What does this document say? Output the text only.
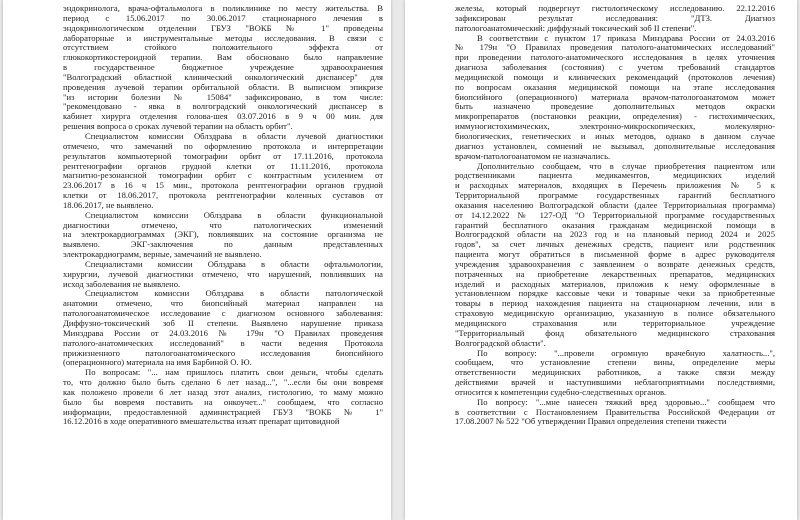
эндокринолога, врача-офтальмолога в поликлинике по месту жительства. В
период с 15.06.2017 по 30.06.2017 стационарного лечения в
эндокринологическом отделении ГБУЗ "ВОКБ № 1" проведены
лабораторные и инструментальные методы исследования. В связи с
отсутствием стойкого положительного эффекта от
глюкокортикостероидной терапии. Вам обосновано было направление
в государственное бюджетное учреждение здравоохранения
"Волгоградский областной клинический онкологический диспансер" для
проведения лучевой терапии орбитальной области. В выписном эпикризе
"из истории болезни № 15084" зафиксировано, в том числе:
"рекомендовано - явка в волгоградский онкологический диспансер в
кабинет хирурга отделения голова-шея 03.07.2016 в 9 ч 00 мин. для
решения вопроса о сроках лучевой терапии на область орбит".
Специалистом комиссии Облздрава в области лучевой диагностики
отмечено, что замечаний по оформлению протокола и интерпретации
результатов компьютерной томографии орбит от 17.11.2016, протокола
рентгенографии органов грудной клетки от 11.11.2016, протокола
магнитно-резонансной томографии орбит с контрастным усилением от
23.06.2017 в 16 ч 15 мин., протокола рентгенографии органов грудной
клетки от 18.06.2017, протокола рентгенографии коленных суставов от
18.06.2017, не выявлено.
Специалистом комиссии Облздрава в области функциональной
диагностики отмечено, что патологических изменений
на электрокардиограммах (ЭКГ), повлиявших на состояние организма не
выявлено. ЭКГ-заключения по данным представленных
электрокардиограмм, верные, замечаний не выявлено.
Специалистами комиссии Облздрава в области офтальмологии,
хирургии, лучевой диагностики отмечено, что нарушений, повлиявших на
исход заболевания не выявлено.
Специалистом комиссии Облздрава в области патологической
анатомии отмечено, что биопсийный материал направлен на
патологоанатомическое исследование с диагнозом основного заболевания:
Диффузно-токсический зоб II степени. Выявлено нарушение приказа
Минздрава России от 24.03.2016 № 179н "О Правилах проведения
патолого-анатомических исследований" в части ведения Протокола
прижизненного патологоанатомического исследования биопсийного
(операционного) материала на имя Барбиной О. Ю.
По вопросам: "... нам пришлось платить свои деньги, чтобы сделать
то, что должно было быть сделано 6 лет назад...", "...если бы они вовремя
как положено провели 6 лет назад этот анализ, гистологию, то маму можно
было бы вовремя поставить на онкоучет..." сообщаем, что согласно
информации, предоставленной администрацией ГБУЗ "ВОКБ № 1"
16.12.2016 в ходе оперативного вмешательства изъят препарат щитовидной
железы, который подвергнут гистологическому исследованию. 22.12.2016
зафиксирован результат исследования: "ДТЗ. Диагноз
патологоанатомический: диффузный токсический зоб II степени".
В соответствии с пунктом 17 приказа Минздрава России от 24.03.2016
№ 179н "О Правилах проведения патолого-анатомических исследований"
при проведении патолого-анатомического исследования в целях уточнения
диагноза заболевания (состояния) с учетом требований стандартов
медицинской помощи и клинических рекомендаций (протоколов лечения)
по вопросам оказания медицинской помощи на этапе исследования
биопсийного (операционного) материала врачом-патологоанатомом может
быть назначено проведение дополнительных методов окраски
микропрепаратов (постановки реакции, определения) - гистохимических,
иммуногистохимических, электронно-микроскопических, молекулярно-
биологических, генетических и иных методов, однако в данном случае
диагноз установлен, сомнений не вызывал, дополнительные исследования
врачом-патологоанатомом не назначались.
Дополнительно сообщаем, что в случае приобретения пациентом или
родственниками пациента медикаментов, медицинских изделий
и расходных материалов, входящих в Перечень приложения № 5 к
Территориальной программе государственных гарантий бесплатного
оказания населению Волгоградской области (далее Территориальная программа)
от 14.12.2022 № 127-ОД "О Территориальной программе государственных
гарантий бесплатного оказания гражданам медицинской помощи в
Волгоградской области на 2023 год и на плановый период 2024 и 2025
годов", за счет личных денежных средств, пациент или родственник
пациента могут обратиться в письменной форме в адрес руководителя
учреждения здравоохранения с заявлением о возврате денежных средств,
потраченных на приобретение лекарственных препаратов, медицинских
изделий и расходных материалов, приложив к нему оформленные в
установленном порядке кассовые чеки и товарные чеки за приобретенные
товары в период нахождения пациента на стационарном лечении, или в
страховую медицинскую организацию, указанную в полисе обязательного
медицинского страхования или территориальное учреждение
"Территориальный фонд обязательного медицинского страхования
Волгоградской области".
По вопросу: "...провели огромную врачебную халатность...",
сообщаем, что установление степени вины, определение меры
ответственности медицинских работников, а также связи между
действиями врачей и наступившими неблагоприятными последствиями,
относится к компетенции судебно-следственных органов.
По вопросу: "...мне нанесен тяжкий вред здоровью..." сообщаем что
в соответствии с Постановлением Правительства Российской Федерации от
17.08.2007 № 522 "Об утверждении Правил определения степени тяжести
